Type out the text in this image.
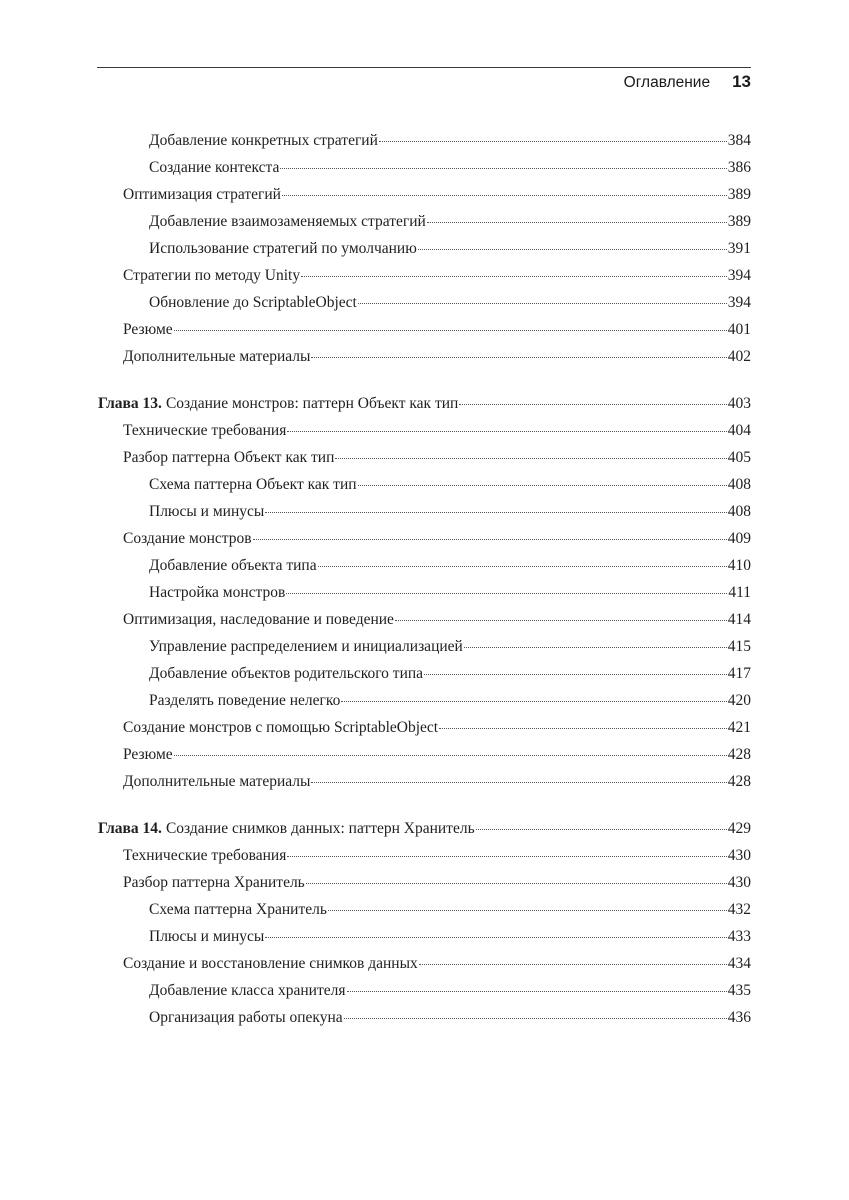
Оглавление 13
Добавление конкретных стратегий	384
Создание контекста	386
Оптимизация стратегий	389
Добавление взаимозаменяемых стратегий	389
Использование стратегий по умолчанию	391
Стратегии по методу Unity	394
Обновление до ScriptableObject	394
Резюме	401
Дополнительные материалы	402
Глава 13. Создание монстров: паттерн Объект как тип	403
Технические требования	404
Разбор паттерна Объект как тип	405
Схема паттерна Объект как тип	408
Плюсы и минусы	408
Создание монстров	409
Добавление объекта типа	410
Настройка монстров	411
Оптимизация, наследование и поведение	414
Управление распределением и инициализацией	415
Добавление объектов родительского типа	417
Разделять поведение нелегко	420
Создание монстров с помощью ScriptableObject	421
Резюме	428
Дополнительные материалы	428
Глава 14. Создание снимков данных: паттерн Хранитель	429
Технические требования	430
Разбор паттерна Хранитель	430
Схема паттерна Хранитель	432
Плюсы и минусы	433
Создание и восстановление снимков данных	434
Добавление класса хранителя	435
Организация работы опекуна	436
